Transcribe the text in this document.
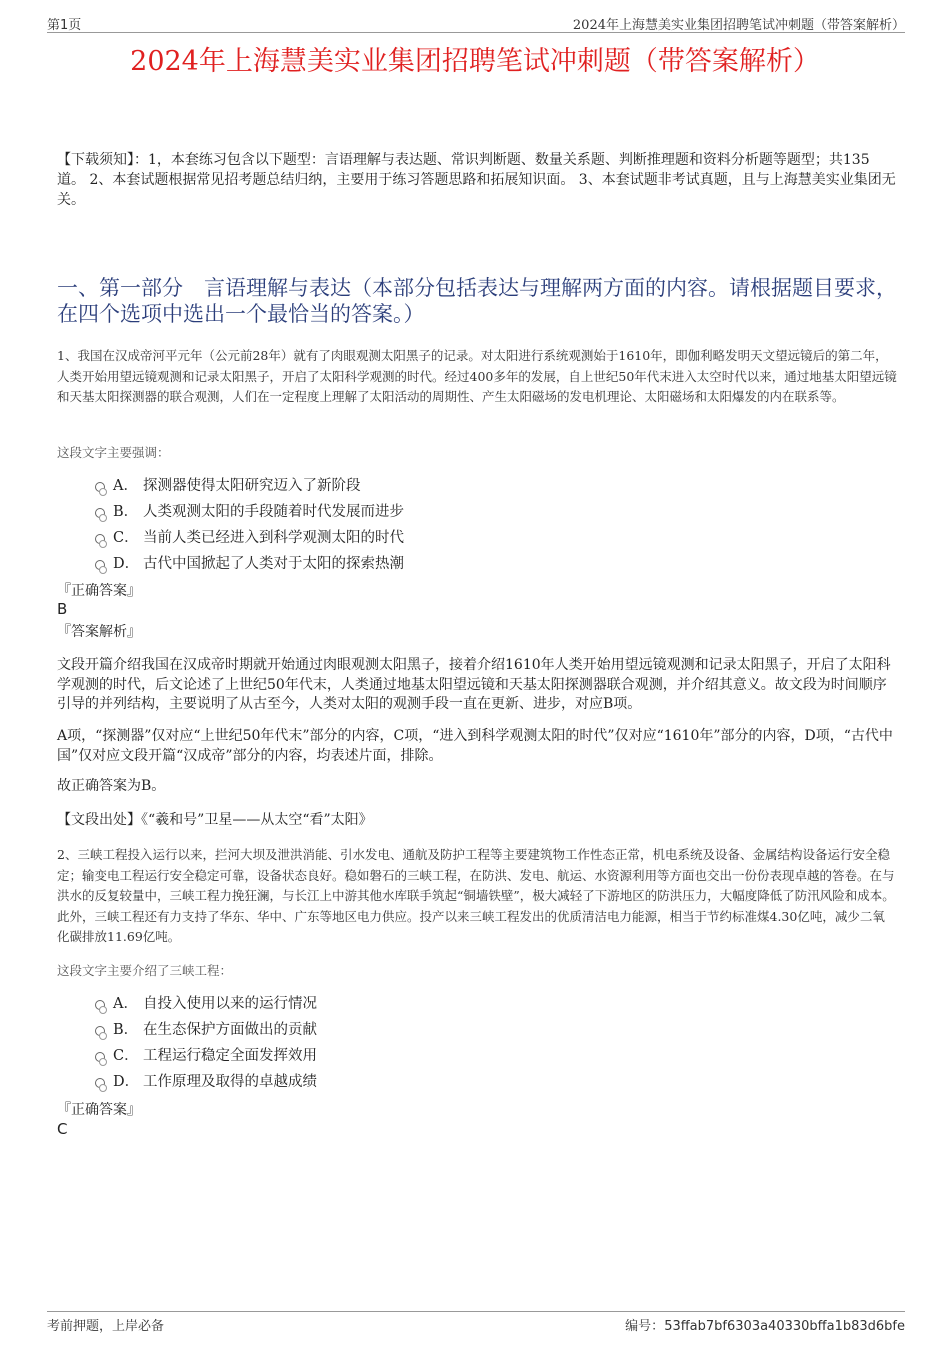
第1页	2024年上海慧美实业集团招聘笔试冲刺题（带答案解析）
2024年上海慧美实业集团招聘笔试冲刺题（带答案解析）
【下载须知】：1，本套练习包含以下题型：言语理解与表达题、常识判断题、数量关系题、判断推理题和资料分析题等题型；共135道。 2、本套试题根据常见招考题总结归纳，主要用于练习答题思路和拓展知识面。 3、本套试题非考试真题，且与上海慧美实业集团无关。
一、第一部分　言语理解与表达（本部分包括表达与理解两方面的内容。请根据题目要求，在四个选项中选出一个最恰当的答案。）
1、我国在汉成帝河平元年（公元前28年）就有了肉眼观测太阳黑子的记录。对太阳进行系统观测始于1610年，即伽利略发明天文望远镜后的第二年，人类开始用望远镜观测和记录太阳黑子，开启了太阳科学观测的时代。经过400多年的发展，自上世纪50年代末进入太空时代以来，通过地基太阳望远镜和天基太阳探测器的联合观测，人们在一定程度上理解了太阳活动的周期性、产生太阳磁场的发电机理论、太阳磁场和太阳爆发的内在联系等。
这段文字主要强调：
A． 探测器使得太阳研究迈入了新阶段
B． 人类观测太阳的手段随着时代发展而进步
C． 当前人类已经进入到科学观测太阳的时代
D． 古代中国掀起了人类对于太阳的探索热潮
『正确答案』
B
『答案解析』
文段开篇介绍我国在汉成帝时期就开始通过肉眼观测太阳黑子，接着介绍1610年人类开始用望远镜观测和记录太阳黑子，开启了太阳科学观测的时代，后文论述了上世纪50年代末，人类通过地基太阳望远镜和天基太阳探测器联合观测，并介绍其意义。故文段为时间顺序引导的并列结构，主要说明了从古至今，人类对太阳的观测手段一直在更新、进步，对应B项。
A项，“探测器”仅对应“上世纪50年代末”部分的内容，C项，“进入到科学观测太阳的时代”仅对应“1610年”部分的内容，D项，“古代中国”仅对应文段开篇“汉成帝”部分的内容，均表述片面，排除。
故正确答案为B。
【文段出处】《“羲和号”卫星——从太空“看”太阳》
2、三峡工程投入运行以来，拦河大坝及泄洪消能、引水发电、通航及防护工程等主要建筑物工作性态正常，机电系统及设备、金属结构设备运行安全稳定；输变电工程运行安全稳定可靠，设备状态良好。稳如磐石的三峡工程，在防洪、发电、航运、水资源利用等方面也交出一份份表现卓越的答卷。在与洪水的反复较量中，三峡工程力挽狂澜，与长江上中游其他水库联手筑起“铜墙铁壁”，极大减轻了下游地区的防洪压力，大幅度降低了防汛风险和成本。此外，三峡工程还有力支持了华东、华中、广东等地区电力供应。投产以来三峡工程发出的优质清洁电力能源，相当于节约标准煤4.30亿吨，减少二氧化碳排放11.69亿吨。
这段文字主要介绍了三峡工程：
A． 自投入使用以来的运行情况
B． 在生态保护方面做出的贡献
C． 工程运行稳定全面发挥效用
D． 工作原理及取得的卓越成绩
『正确答案』
C
考前押题，上岸必备	编号：53ffab7bf6303a40330bffa1b83d6bfe
